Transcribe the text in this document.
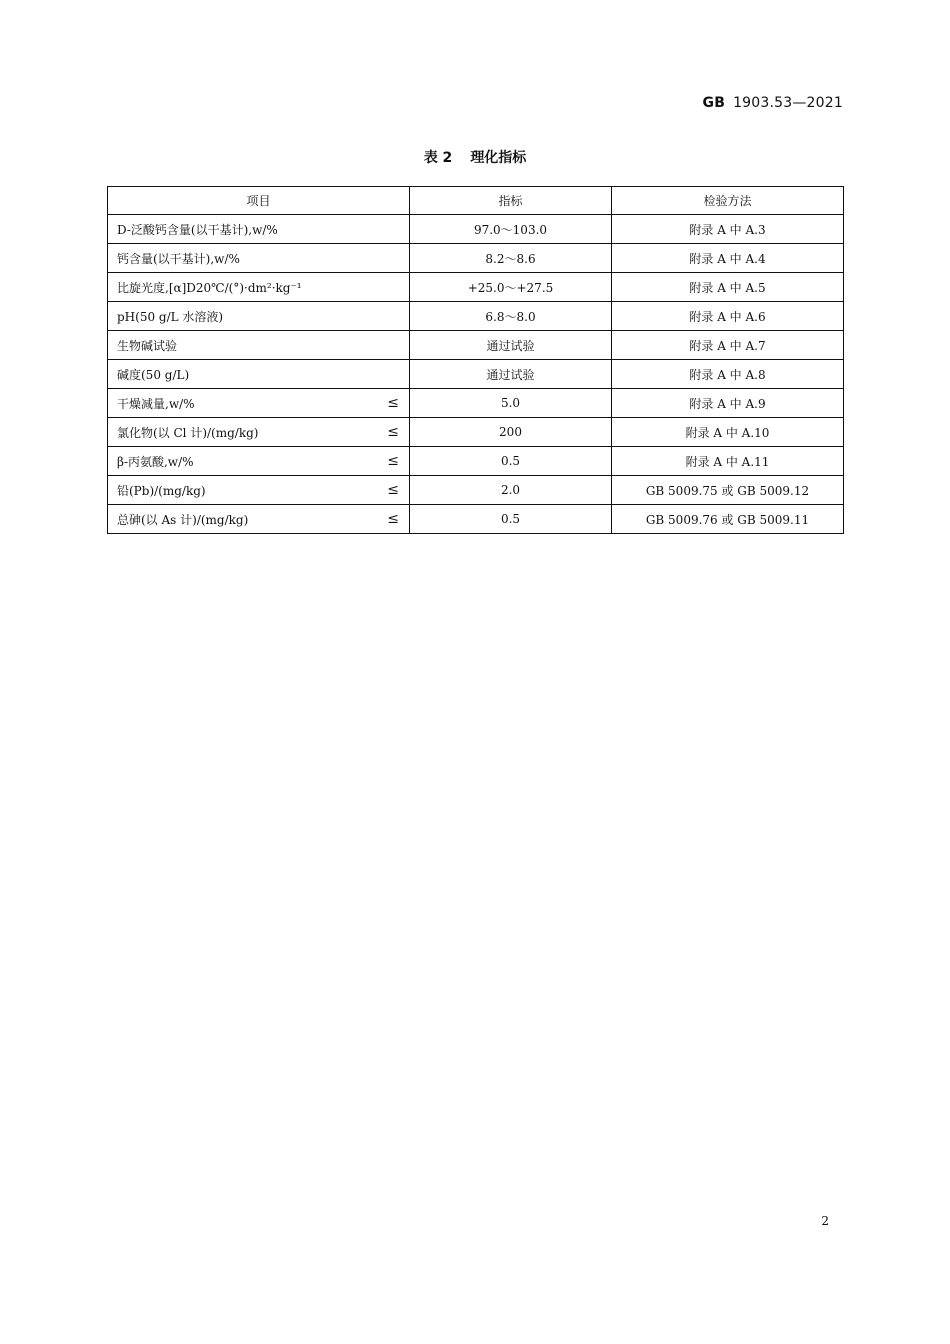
GB 1903.53—2021
表 2 理化指标
项目	指标	检验方法
D-泛酸钙含量(以干基计),w/%	97.0～103.0	附录 A 中 A.3
钙含量(以干基计),w/%	8.2～8.6	附录 A 中 A.4
比旋光度,[α]D20℃/(°)·dm²·kg⁻¹	+25.0～+27.5	附录 A 中 A.5
pH(50 g/L 水溶液)	6.8～8.0	附录 A 中 A.6
生物碱试验	通过试验	附录 A 中 A.7
碱度(50 g/L)	通过试验	附录 A 中 A.8
干燥减量,w/% ≤	5.0	附录 A 中 A.9
氯化物(以 Cl 计)/(mg/kg) ≤	200	附录 A 中 A.10
β-丙氨酸,w/% ≤	0.5	附录 A 中 A.11
铅(Pb)/(mg/kg) ≤	2.0	GB 5009.75 或 GB 5009.12
总砷(以 As 计)/(mg/kg) ≤	0.5	GB 5009.76 或 GB 5009.11
2
